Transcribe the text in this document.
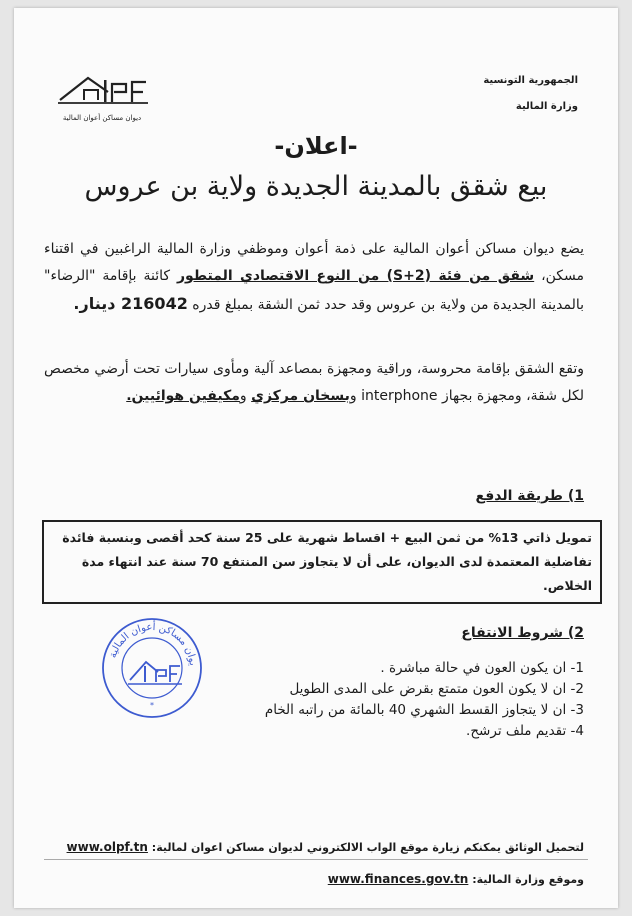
الجمهورية التونسية
وزارة المالية
ديوان مساكن أعوان المالية
-اعلان-
بيع شقق بالمدينة الجديدة ولاية بن عروس
يضع ديوان مساكن أعوان المالية على ذمة أعوان وموظفي وزارة المالية الراغبين في اقتناء مسكن، شقق من فئة (S+2) من النوع الاقتصادي المتطور كائنة بإقامة "الرضاء" بالمدينة الجديدة من ولاية بن عروس وقد حدد ثمن الشقة بمبلغ قدره 216042 دينار.
وتقع الشقق بإقامة محروسة، وراقية ومجهزة بمصاعد آلية ومأوى سيارات تحت أرضي مخصص لكل شقة، ومجهزة بجهاز interphone وبسخان مركزي ومكيفين هوائيين.
1) طريقة الدفع
تمويل ذاتي 13% من ثمن البيع + اقساط شهرية على 25 سنة كحد أقصى وبنسبة فائدة تفاضلية المعتمدة لدى الديوان، على أن لا يتجاوز سن المنتفع 70 سنة عند انتهاء مدة الخلاص.
2) شروط الانتفاع
1- ان يكون العون في حالة مباشرة .
2- ان لا يكون العون متمتع بقرض على المدى الطويل
3- ان لا يتجاوز القسط الشهري 40 بالمائة من راتبه الخام
4- تقديم ملف ترشح.
يوان مساكن أعوان المالية
*
لتحميل الوثائق يمكنكم زيارة موقع الواب الالكتروني لديوان مساكن اعوان لمالية: www.olpf.tn
وموقع وزارة المالية: www.finances.gov.tn
